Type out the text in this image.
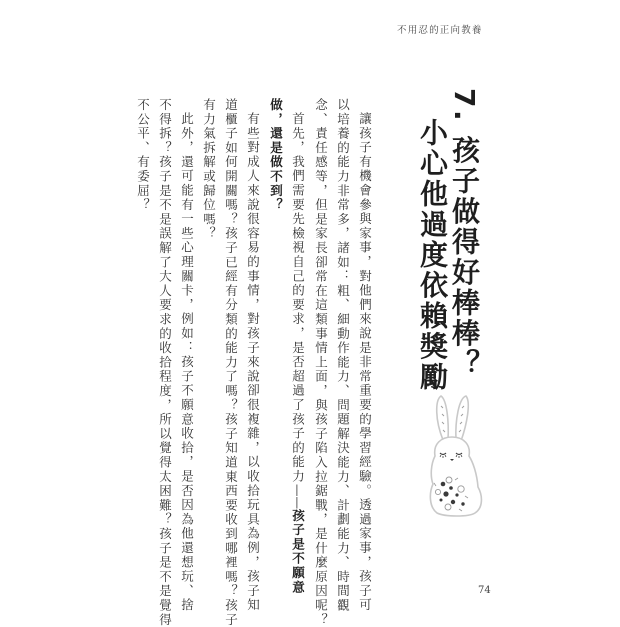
不用忍的正向教養
7. 孩子做得好棒棒？
小心他過度依賴獎勵
讓孩子有機會參與家事，對他們來說是非常重要的學習經驗。透過家事，孩子可
以培養的能力非常多，諸如：粗、細動作能力、問題解決能力、計劃能力、時間觀
念、責任感等，但是家長卻常在這類事情上面，與孩子陷入拉鋸戰，是什麼原因呢？
首先，我們需要先檢視自己的要求，是否超過了孩子的能力——孩子是不願意
做，還是做不到？
有些對成人來說很容易的事情，對孩子來說卻很複雜，以收拾玩具為例，孩子知
道櫃子如何開關嗎？孩子已經有分類的能力了嗎？孩子知道東西要收到哪裡嗎？孩子
有力氣拆解或歸位嗎？
此外，還可能有一些心理關卡，例如：孩子不願意收拾，是否因為他還想玩、捨
不得拆？孩子是不是誤解了大人要求的收拾程度，所以覺得太困難？孩子是不是覺得
不公平、有委屈？
74
